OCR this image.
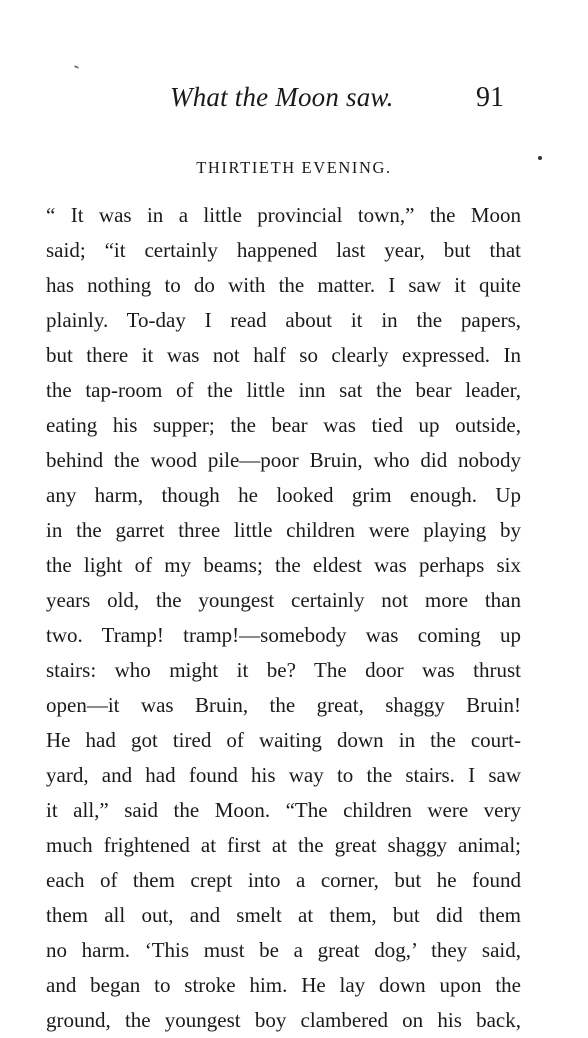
What the Moon saw.	91
THIRTIETH EVENING.
“ It was in a little provincial town,” the Moon
said; “it certainly happened last year, but that
has nothing to do with the matter. I saw it quite
plainly. To-day I read about it in the papers,
but there it was not half so clearly expressed. In
the tap-room of the little inn sat the bear leader,
eating his supper; the bear was tied up outside,
behind the wood pile—poor Bruin, who did nobody
any harm, though he looked grim enough. Up
in the garret three little children were playing by
the light of my beams; the eldest was perhaps six
years old, the youngest certainly not more than
two. Tramp! tramp!—somebody was coming up
stairs: who might it be? The door was thrust
open—it was Bruin, the great, shaggy Bruin!
He had got tired of waiting down in the court-
yard, and had found his way to the stairs. I saw
it all,” said the Moon. “The children were very
much frightened at first at the great shaggy animal;
each of them crept into a corner, but he found
them all out, and smelt at them, but did them
no harm. ‘This must be a great dog,’ they said,
and began to stroke him. He lay down upon the
ground, the youngest boy clambered on his back,
